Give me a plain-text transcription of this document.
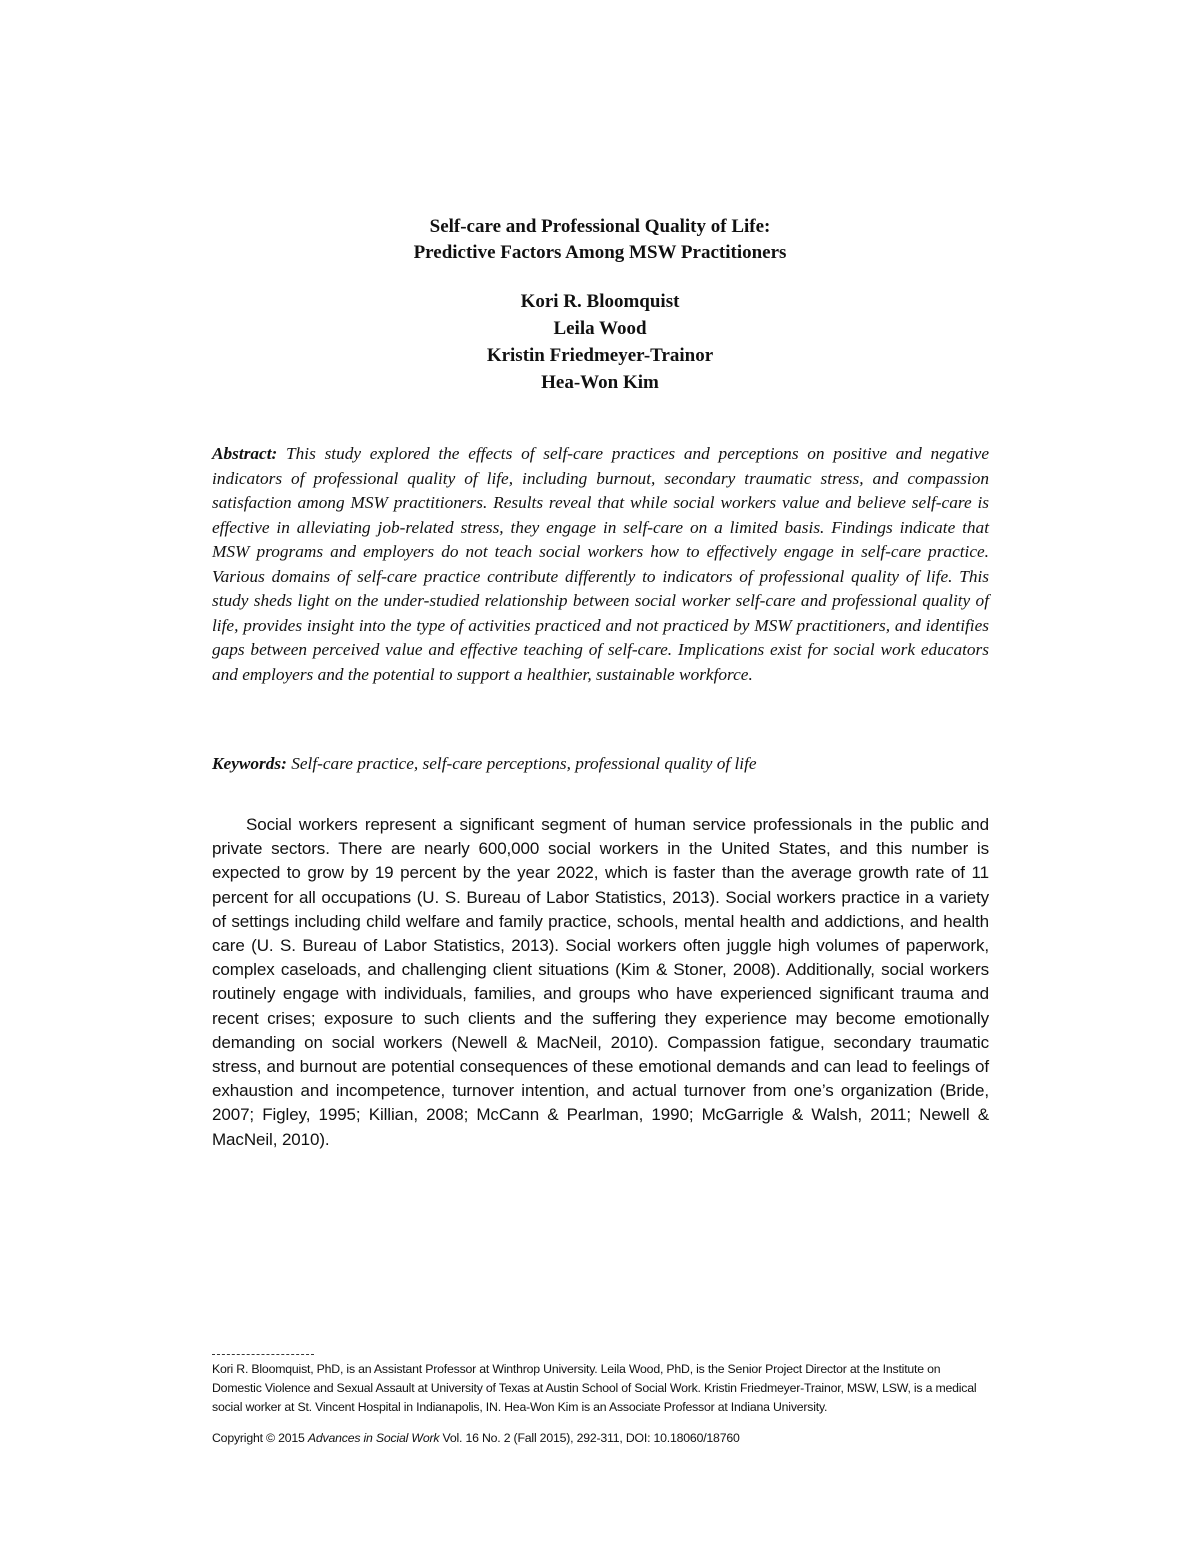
Self-care and Professional Quality of Life:
Predictive Factors Among MSW Practitioners
Kori R. Bloomquist
Leila Wood
Kristin Friedmeyer-Trainor
Hea-Won Kim

Abstract: This study explored the effects of self-care practices and perceptions on positive and negative indicators of professional quality of life, including burnout, secondary traumatic stress, and compassion satisfaction among MSW practitioners. Results reveal that while social workers value and believe self-care is effective in alleviating job-related stress, they engage in self-care on a limited basis. Findings indicate that MSW programs and employers do not teach social workers how to effectively engage in self-care practice. Various domains of self-care practice contribute differently to indicators of professional quality of life. This study sheds light on the under-studied relationship between social worker self-care and professional quality of life, provides insight into the type of activities practiced and not practiced by MSW practitioners, and identifies gaps between perceived value and effective teaching of self-care. Implications exist for social work educators and employers and the potential to support a healthier, sustainable workforce.

Keywords: Self-care practice, self-care perceptions, professional quality of life

Social workers represent a significant segment of human service professionals in the public and private sectors. There are nearly 600,000 social workers in the United States, and this number is expected to grow by 19 percent by the year 2022, which is faster than the average growth rate of 11 percent for all occupations (U. S. Bureau of Labor Statistics, 2013). Social workers practice in a variety of settings including child welfare and family practice, schools, mental health and addictions, and health care (U. S. Bureau of Labor Statistics, 2013). Social workers often juggle high volumes of paperwork, complex caseloads, and challenging client situations (Kim & Stoner, 2008). Additionally, social workers routinely engage with individuals, families, and groups who have experienced significant trauma and recent crises; exposure to such clients and the suffering they experience may become emotionally demanding on social workers (Newell & MacNeil, 2010). Compassion fatigue, secondary traumatic stress, and burnout are potential consequences of these emotional demands and can lead to feelings of exhaustion and incompetence, turnover intention, and actual turnover from one’s organization (Bride, 2007; Figley, 1995; Killian, 2008; McCann & Pearlman, 1990; McGarrigle & Walsh, 2011; Newell & MacNeil, 2010).

Kori R. Bloomquist, PhD, is an Assistant Professor at Winthrop University. Leila Wood, PhD, is the Senior Project Director at the Institute on Domestic Violence and Sexual Assault at University of Texas at Austin School of Social Work. Kristin Friedmeyer-Trainor, MSW, LSW, is a medical social worker at St. Vincent Hospital in Indianapolis, IN. Hea-Won Kim is an Associate Professor at Indiana University.

Copyright © 2015 Advances in Social Work Vol. 16 No. 2 (Fall 2015), 292-311, DOI: 10.18060/18760
